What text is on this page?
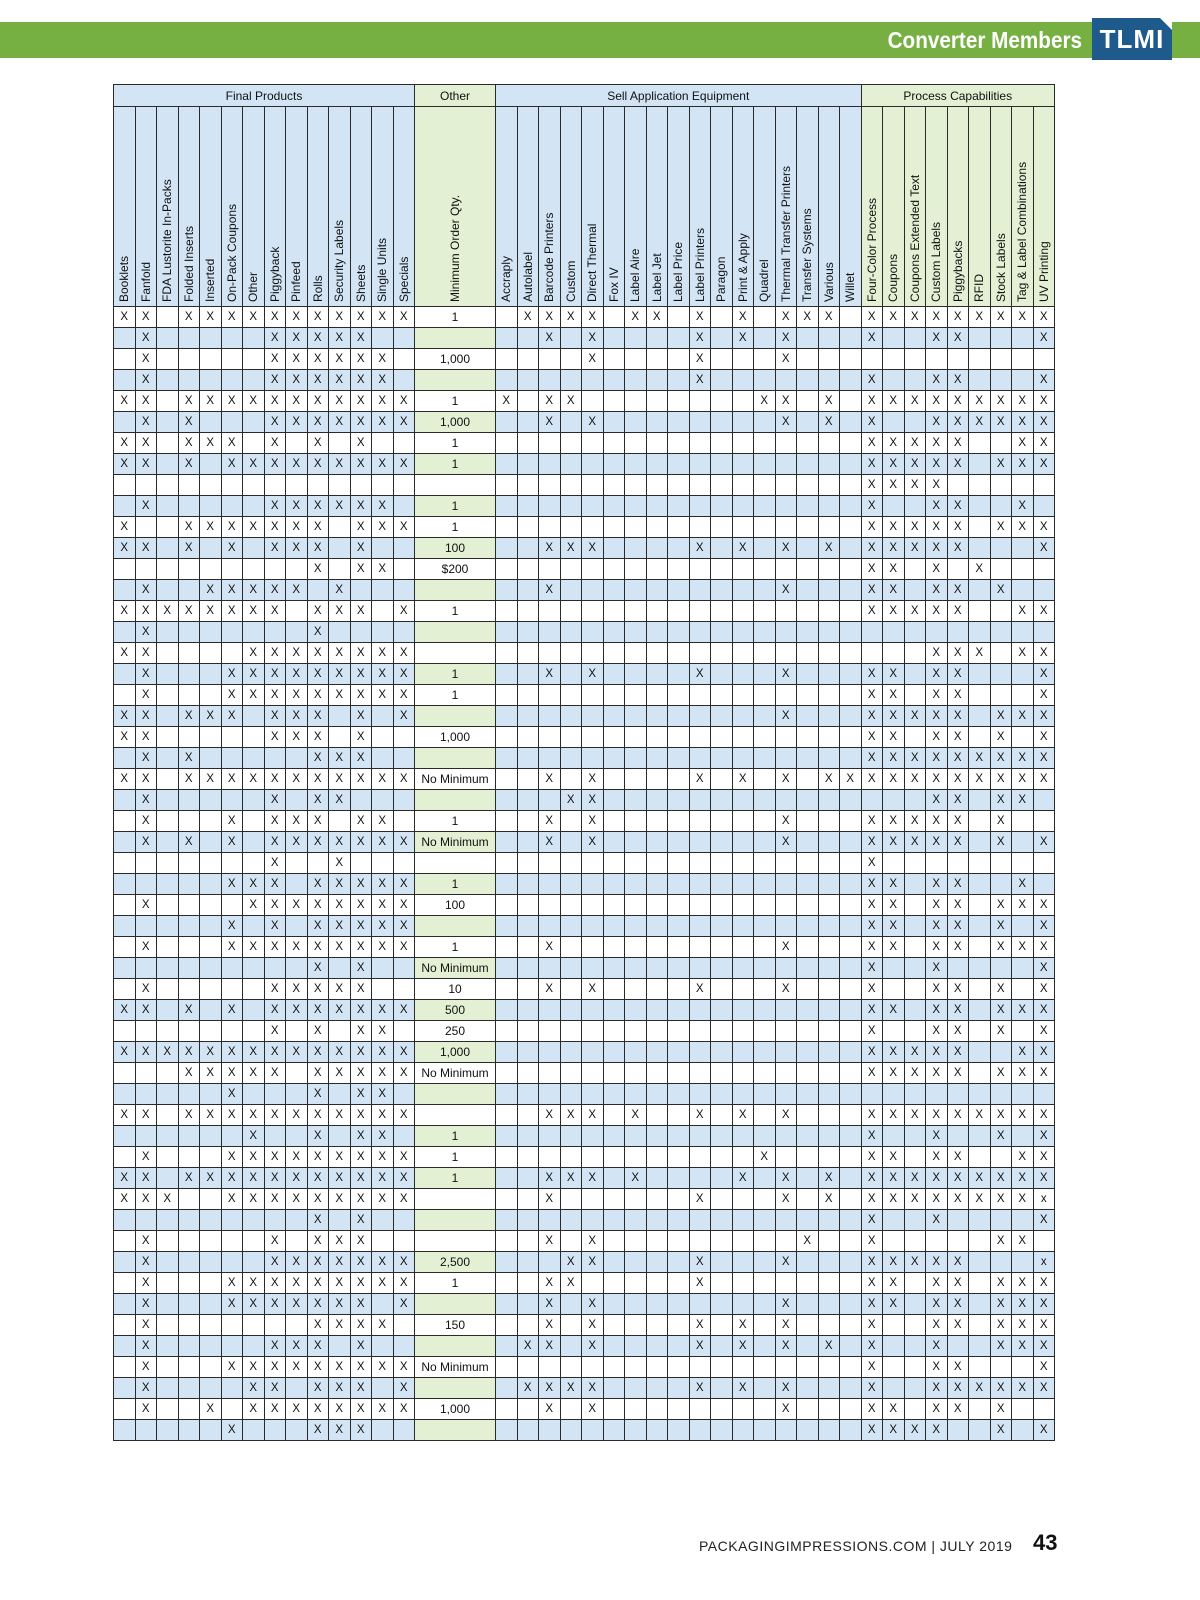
Converter Members TLMI
Final Products														Other	Sell Application Equipment																	Process Capabilities								

Booklets	Fanfold	FDA Lustorite In-Packs	Folded Inserts	Inserted	On-Pack Coupons	Other	Piggyback	Pinfeed	Rolls	Security Labels	Sheets	Single Units	Specials	Minimum Order Qty.	Accraply	Autolabel	Barcode Printers	Custom	Direct Thermal	Fox IV	Label Aire	Label Jet	Label Price	Label Printers	Paragon	Print & Apply	Quadrel	Thermal Transfer Printers	Transfer Systems	Various	Willet	Four-Color Process	Coupons	Coupons Extended Text	Custom Labels	Piggybacks	RFID	Stock Labels	Tag & Label Combinations	UV Printing

X	X		X	X	X	X	X	X	X	X	X	X	X	1		X	X	X	X		X	X		X		X		X	X	X		X	X	X	X	X	X	X	X	X
	X						X	X	X	X	X						X		X					X		X		X				X			X	X				X
	X						X	X	X	X	X	X		1,000					X					X				X												
	X						X	X	X	X	X	X												X								X			X	X				X
X	X		X	X	X	X	X	X	X	X	X	X	X	1	X		X	X									X	X		X		X	X	X	X	X	X	X	X	X
	X		X				X	X	X	X	X	X	X	1,000			X		X									X		X		X			X	X	X	X	X	X
X	X		X	X	X		X		X		X			1																		X	X	X	X	X			X	X
X	X		X		X	X	X	X	X	X	X	X	X	1																		X	X	X	X	X		X	X	X
																																X	X	X	X					
	X						X	X	X	X	X	X		1																		X			X	X			X	
X			X	X	X	X	X	X	X		X	X	X	1																		X	X	X	X	X		X	X	X
X	X		X		X		X	X	X		X			100			X	X	X					X		X		X		X		X	X	X	X	X				X
									X		X	X		$200																		X	X		X		X			
	X			X	X	X	X	X		X							X											X				X	X		X	X		X		
X	X	X	X	X	X	X	X		X	X	X		X	1																		X	X	X	X	X			X	X
	X								X																															
X	X					X	X	X	X	X	X	X	X																						X	X	X		X	X
	X				X	X	X	X	X	X	X	X	X	1			X		X					X				X				X	X		X	X				X
	X				X	X	X	X	X	X	X	X	X	1																		X	X		X	X				X
X	X		X	X	X		X	X	X		X		X															X				X	X	X	X	X		X	X	X
X	X						X	X	X		X			1,000																		X	X		X	X		X		X
	X		X						X	X	X																					X	X	X	X	X	X	X	X	X
X	X		X	X	X	X	X	X	X	X	X	X	X	No Minimum			X		X					X		X		X		X	X	X	X	X	X	X	X	X	X	X
	X						X		X	X								X	X																X	X		X	X	
	X				X		X	X	X		X	X		1			X		X									X				X	X	X	X	X		X		
	X		X		X		X	X	X	X	X	X	X	No Minimum			X		X									X				X	X	X	X	X		X		X
							X			X																						X								
					X	X	X		X	X	X	X	X	1																		X	X		X	X			X	
	X					X	X	X	X	X	X	X	X	100																		X	X		X	X		X	X	X
					X		X		X	X	X	X	X																			X	X		X	X		X		X
	X				X	X	X	X	X	X	X	X	X	1			X											X				X	X		X	X		X	X	X
									X		X			No Minimum																		X			X					X
	X						X	X	X	X	X			10			X		X					X				X				X			X	X		X		X
X	X		X		X		X	X	X	X	X	X	X	500																		X	X		X	X		X	X	X
							X		X		X	X		250																		X			X	X		X		X
X	X	X	X	X	X	X	X	X	X	X	X	X	X	1,000																		X	X	X	X	X			X	X
			X	X	X	X	X		X	X	X	X	X	No Minimum																		X	X	X	X	X		X	X	X
					X				X		X	X																												
X	X		X	X	X	X	X	X	X	X	X	X	X				X	X	X		X			X		X		X				X	X	X	X	X	X	X	X	X
						X			X		X	X		1																		X			X			X		X
	X				X	X	X	X	X	X	X	X	X	1													X					X	X		X	X			X	X
X	X		X	X	X	X	X	X	X	X	X	X	X	1			X	X	X		X					X		X		X		X	X	X	X	X	X	X	X	X
X	X	X			X	X	X	X	X	X	X	X	X				X							X				X		X		X	X	X	X	X	X	X	X	x
									X		X																					X			X					X
	X						X		X	X	X						X		X										X			X						X	X	
	X						X	X	X	X	X	X	X	2,500				X	X					X				X				X	X	X	X	X				x
	X				X	X	X	X	X	X	X	X	X	1			X	X						X								X	X		X	X		X	X	X
	X				X	X	X	X	X	X	X		X				X		X									X				X	X		X	X		X	X	X
	X								X	X	X	X		150			X		X					X		X		X				X			X	X		X	X	X
	X						X	X	X		X					X	X		X					X		X		X		X		X			X			X	X	X
	X				X	X	X	X	X	X	X	X	X	No Minimum																		X			X	X				X
	X					X	X		X	X	X		X			X	X	X	X					X		X		X				X			X	X	X	X	X	X
	X			X		X	X	X	X	X	X	X	X	1,000			X		X									X				X	X		X	X		X		
					X				X	X	X																					X	X	X	X			X		X
PACKAGINGIMPRESSIONS.COM | JULY 2019 43
